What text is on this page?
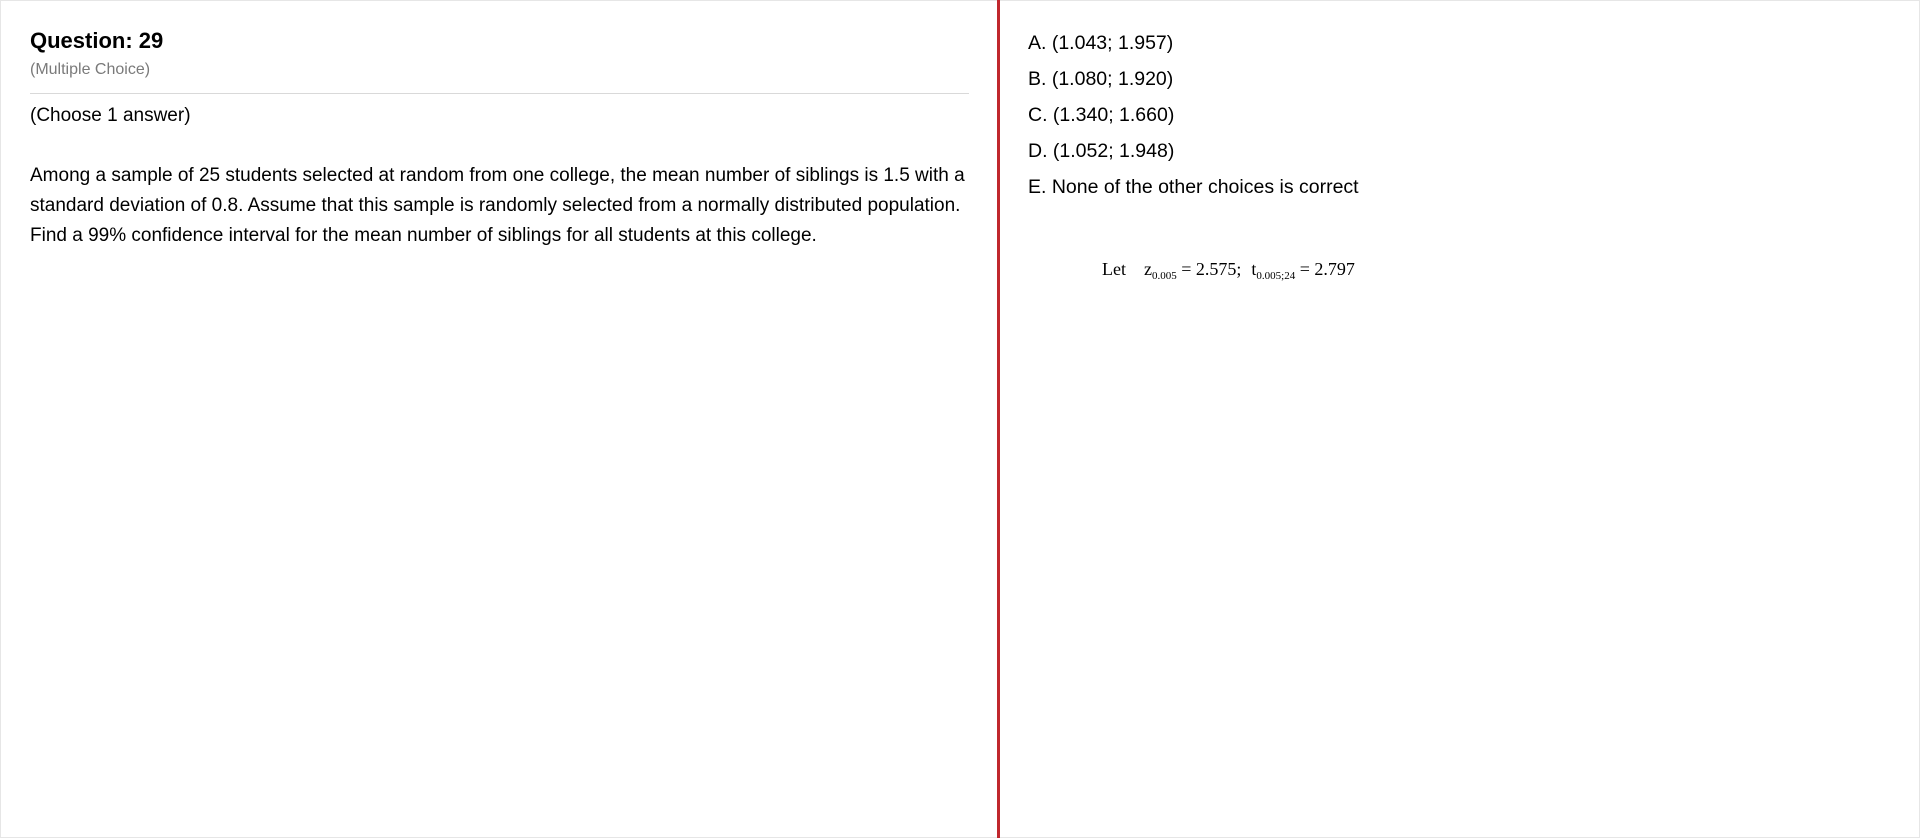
Question: 29
(Multiple Choice)
(Choose 1 answer)

Among a sample of 25 students selected at random from one college, the mean number of siblings is 1.5 with a standard deviation of 0.8. Assume that this sample is randomly selected from a normally distributed population.

Find a 99% confidence interval for the mean number of siblings for all students at this college.

A. (1.043; 1.957)
B. (1.080; 1.920)
C. (1.340; 1.660)
D. (1.052; 1.948)
E. None of the other choices is correct
Let $z_{0.005} = 2.575$; $t_{0.005;24} = 2.797$
